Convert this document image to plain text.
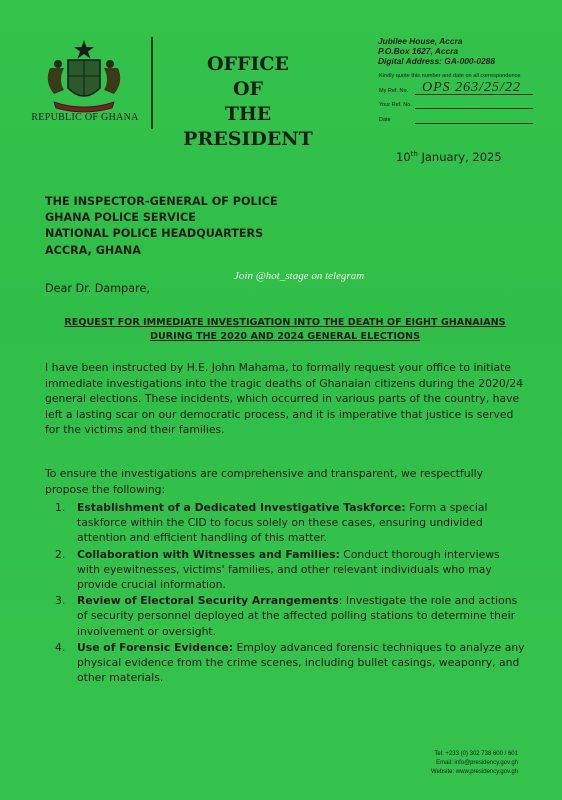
REPUBLIC OF GHANA
OFFICE
OF
THE PRESIDENT
Jubilee House, Accra
P.O.Box 1627, Accra
Digital Address: GA-000-0288
Kindly quote this number and date on all correspondence
My Ref. No. OPS 263/25/22
Your Ref. No.
Date
10th January, 2025
THE INSPECTOR-GENERAL OF POLICE
GHANA POLICE SERVICE
NATIONAL POLICE HEADQUARTERS
ACCRA, GHANA
Join @hot_stage on telegram
Dear Dr. Dampare,
REQUEST FOR IMMEDIATE INVESTIGATION INTO THE DEATH OF EIGHT GHANAIANS
DURING THE 2020 AND 2024 GENERAL ELECTIONS
I have been instructed by H.E. John Mahama, to formally request your office to initiate immediate investigations into the tragic deaths of Ghanaian citizens during the 2020/24 general elections. These incidents, which occurred in various parts of the country, have left a lasting scar on our democratic process, and it is imperative that justice is served for the victims and their families.
To ensure the investigations are comprehensive and transparent, we respectfully propose the following:
1. Establishment of a Dedicated Investigative Taskforce: Form a special taskforce within the CID to focus solely on these cases, ensuring undivided attention and efficient handling of this matter.
2. Collaboration with Witnesses and Families: Conduct thorough interviews with eyewitnesses, victims' families, and other relevant individuals who may provide crucial information.
3. Review of Electoral Security Arrangements: Investigate the role and actions of security personnel deployed at the affected polling stations to determine their involvement or oversight.
4. Use of Forensic Evidence: Employ advanced forensic techniques to analyze any physical evidence from the crime scenes, including bullet casings, weaponry, and other materials.
Tel: +233 (0) 302 738 600 / 601
Email: info@presidency.gov.gh
Website: www.presidency.gov.gh
